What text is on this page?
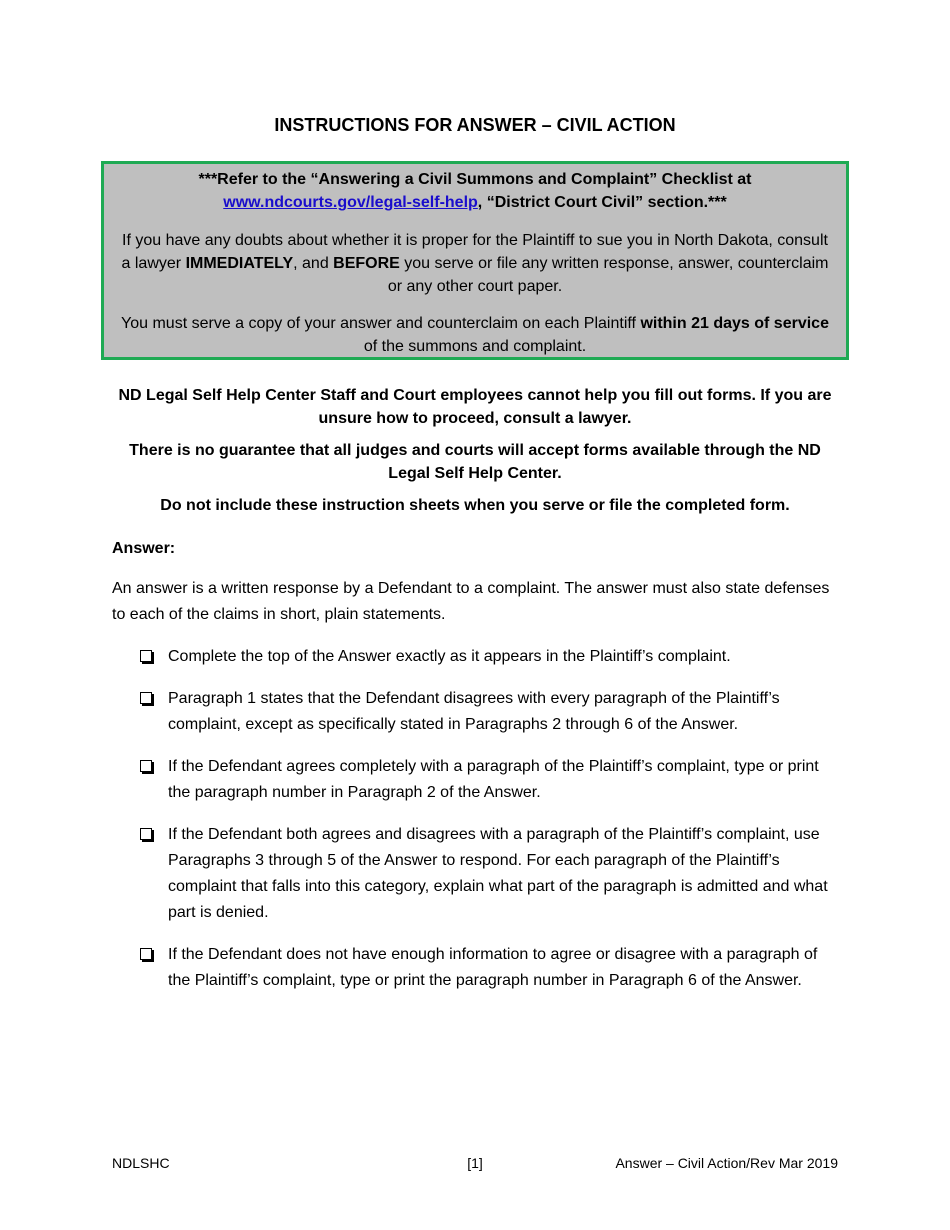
INSTRUCTIONS FOR ANSWER – CIVIL ACTION
***Refer to the “Answering a Civil Summons and Complaint” Checklist at
www.ndcourts.gov/legal-self-help, “District Court Civil” section.***
If you have any doubts about whether it is proper for the Plaintiff to sue you in North Dakota, consult a lawyer IMMEDIATELY, and BEFORE you serve or file any written response, answer, counterclaim or any other court paper.
You must serve a copy of your answer and counterclaim on each Plaintiff within 21 days of service of the summons and complaint.
ND Legal Self Help Center Staff and Court employees cannot help you fill out forms. If you are unsure how to proceed, consult a lawyer.
There is no guarantee that all judges and courts will accept forms available through the ND Legal Self Help Center.
Do not include these instruction sheets when you serve or file the completed form.
Answer:
An answer is a written response by a Defendant to a complaint. The answer must also state defenses to each of the claims in short, plain statements.
Complete the top of the Answer exactly as it appears in the Plaintiff’s complaint.
Paragraph 1 states that the Defendant disagrees with every paragraph of the Plaintiff’s complaint, except as specifically stated in Paragraphs 2 through 6 of the Answer.
If the Defendant agrees completely with a paragraph of the Plaintiff’s complaint, type or print the paragraph number in Paragraph 2 of the Answer.
If the Defendant both agrees and disagrees with a paragraph of the Plaintiff’s complaint, use Paragraphs 3 through 5 of the Answer to respond. For each paragraph of the Plaintiff’s complaint that falls into this category, explain what part of the paragraph is admitted and what part is denied.
If the Defendant does not have enough information to agree or disagree with a paragraph of the Plaintiff’s complaint, type or print the paragraph number in Paragraph 6 of the Answer.
NDLSHC	[1]	Answer – Civil Action/Rev Mar 2019
